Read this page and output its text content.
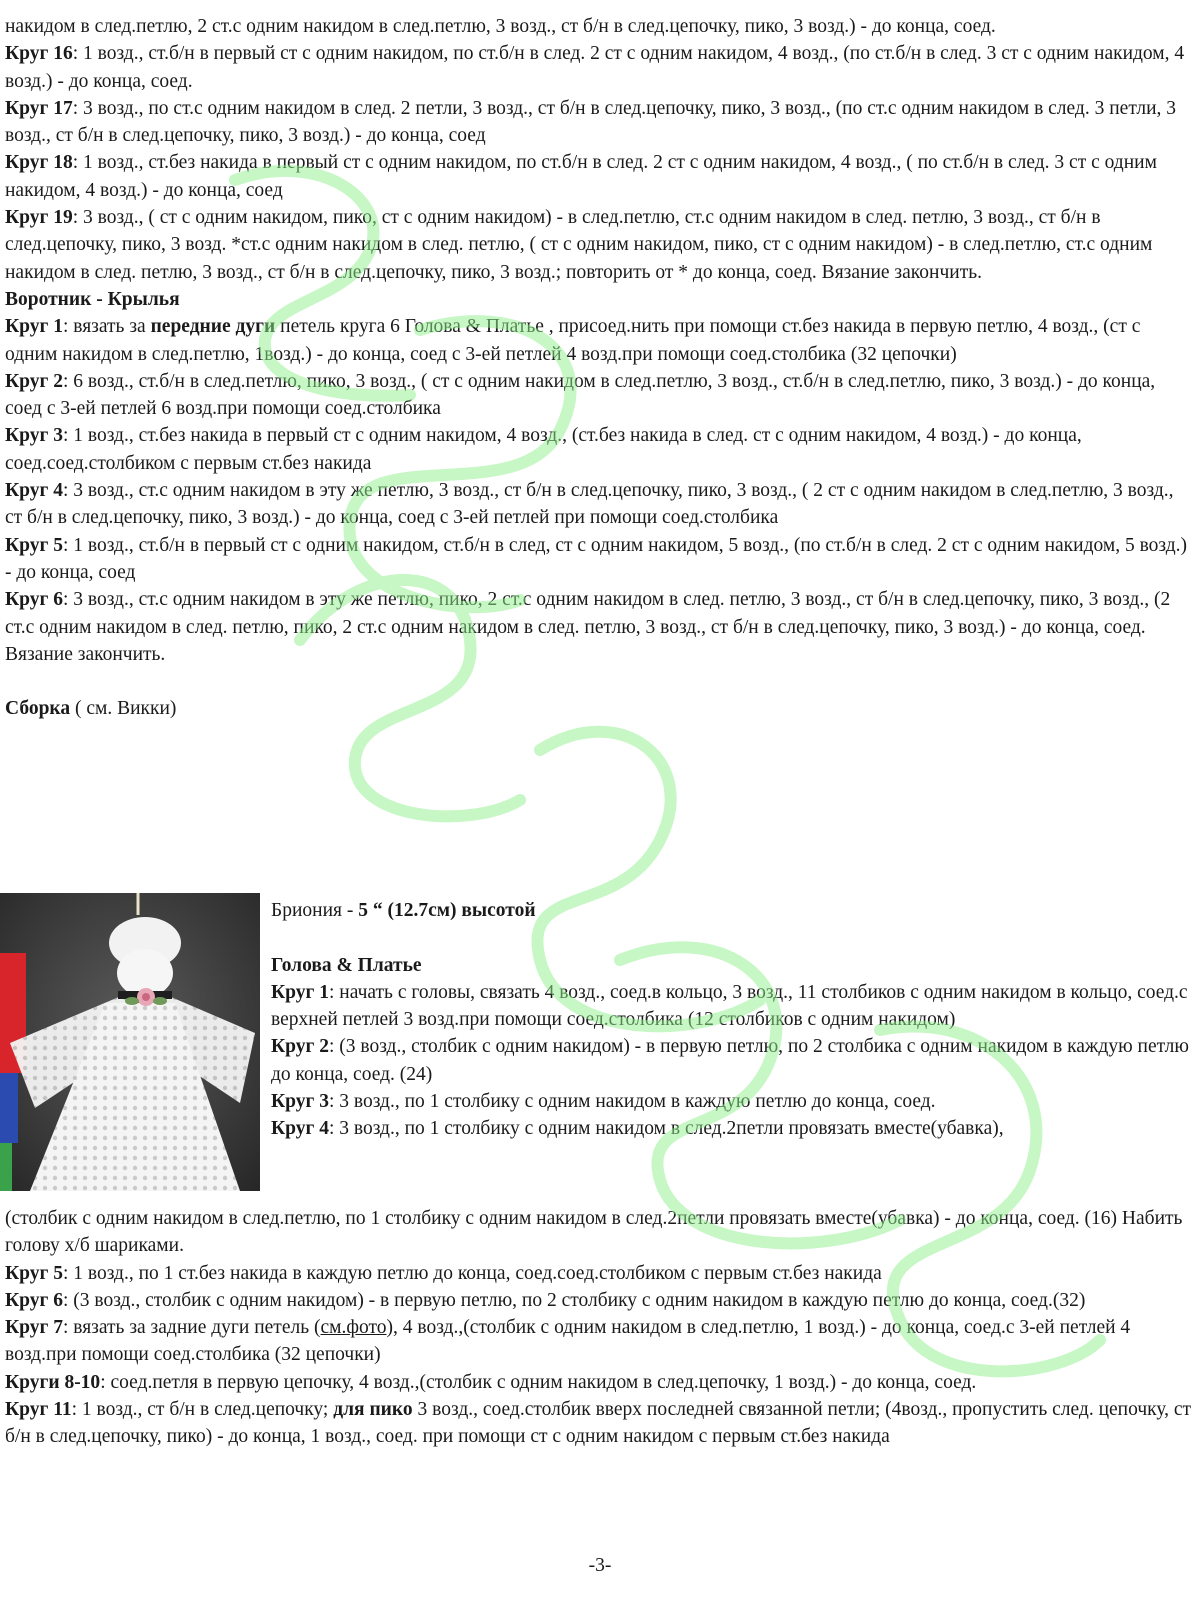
накидом в след.петлю, 2 ст.с одним накидом в след.петлю, 3 возд., ст б/н в след.цепочку, пико, 3 возд.) - до конца, соед.

Круг 16: 1 возд., ст.б/н в первый ст с одним накидом, по ст.б/н в след. 2 ст с одним накидом, 4 возд., (по ст.б/н в след. 3 ст с одним накидом, 4 возд.) - до конца, соед.

Круг 17: 3 возд., по ст.с одним накидом в след. 2 петли, 3 возд., ст б/н в след.цепочку, пико, 3 возд., (по ст.с одним накидом в след. 3 петли, 3 возд., ст б/н в след.цепочку, пико, 3 возд.) - до конца, соед

Круг 18: 1 возд., ст.без накида в первый ст с одним накидом, по ст.б/н в след. 2 ст с одним накидом, 4 возд., ( по ст.б/н в след. 3 ст с одним накидом, 4 возд.) - до конца, соед

Круг 19: 3 возд., ( ст с одним накидом, пико, ст с одним накидом) - в след.петлю, ст.с одним накидом в след. петлю, 3 возд., ст б/н в след.цепочку, пико, 3 возд. *ст.с одним накидом в след. петлю, ( ст с одним накидом, пико, ст с одним накидом) - в след.петлю, ст.с одним накидом в след. петлю, 3 возд., ст б/н в след.цепочку, пико, 3 возд.; повторить от * до конца, соед. Вязание закончить.

Воротник - Крылья

Круг 1: вязать за передние дуги петель круга 6 Голова & Платье , присоед.нить при помощи ст.без накида в первую петлю, 4 возд., (ст с одним накидом в след.петлю, 1возд.) - до конца, соед с 3-ей петлей 4 возд.при помощи соед.столбика (32 цепочки)

Круг 2: 6 возд., ст.б/н в след.петлю, пико, 3 возд., ( ст с одним накидом в след.петлю, 3 возд., ст.б/н в след.петлю, пико, 3 возд.) - до конца, соед с 3-ей петлей 6 возд.при помощи соед.столбика

Круг 3: 1 возд., ст.без накида в первый ст с одним накидом, 4 возд., (ст.без накида в след. ст с одним накидом, 4 возд.) - до конца, соед.соед.столбиком с первым ст.без накида

Круг 4: 3 возд., ст.с одним накидом в эту же петлю, 3 возд., ст б/н в след.цепочку, пико, 3 возд., ( 2 ст с одним накидом в след.петлю, 3 возд., ст б/н в след.цепочку, пико, 3 возд.) - до конца, соед с 3-ей петлей при помощи соед.столбика

Круг 5: 1 возд., ст.б/н в первый ст с одним накидом, ст.б/н в след, ст с одним накидом, 5 возд., (по ст.б/н в след. 2 ст с одним накидом, 5 возд.) - до конца, соед

Круг 6: 3 возд., ст.с одним накидом в эту же петлю, пико, 2 ст.с одним накидом в след. петлю, 3 возд., ст б/н в след.цепочку, пико, 3 возд., (2 ст.с одним накидом в след. петлю, пико, 2 ст.с одним накидом в след. петлю, 3 возд., ст б/н в след.цепочку, пико, 3 возд.) - до конца, соед. Вязание закончить.

Сборка ( см. Викки)

Бриония - 5 “ (12.7см) высотой

Голова & Платье

Круг 1: начать с головы, связать 4 возд., соед.в кольцо, 3 возд., 11 столбиков с одним накидом в кольцо, соед.с верхней петлей 3 возд.при помощи соед.столбика (12 столбиков с одним накидом)

Круг 2: (3 возд., столбик с одним накидом) - в первую петлю, по 2 столбика с одним накидом в каждую петлю до конца, соед. (24)

Круг 3: 3 возд., по 1 столбику с одним накидом в каждую петлю до конца, соед.

Круг 4: 3 возд., по 1 столбику с одним накидом в след.2петли провязать вместе(убавка),

(столбик с одним накидом в след.петлю, по 1 столбику с одним накидом в след.2петли провязать вместе(убавка) - до конца, соед. (16) Набить голову х/б шариками.

Круг 5: 1 возд., по 1 ст.без накида в каждую петлю до конца, соед.соед.столбиком с первым ст.без накида

Круг 6: (3 возд., столбик с одним накидом) - в первую петлю, по 2 столбику с одним накидом в каждую петлю до конца, соед.(32)

Круг 7: вязать за задние дуги петель (см.фото), 4 возд.,(столбик с одним накидом в след.петлю, 1 возд.) - до конца, соед.с 3-ей петлей 4 возд.при помощи соед.столбика (32 цепочки)

Круги 8-10: соед.петля в первую цепочку, 4 возд.,(столбик с одним накидом в след.цепочку, 1 возд.) - до конца, соед.

Круг 11: 1 возд., ст б/н в след.цепочку; для пико 3 возд., соед.столбик вверх последней связанной петли; (4возд., пропустить след. цепочку, ст б/н в след.цепочку, пико) - до конца, 1 возд., соед. при помощи ст с одним накидом с первым ст.без накида

-3-
